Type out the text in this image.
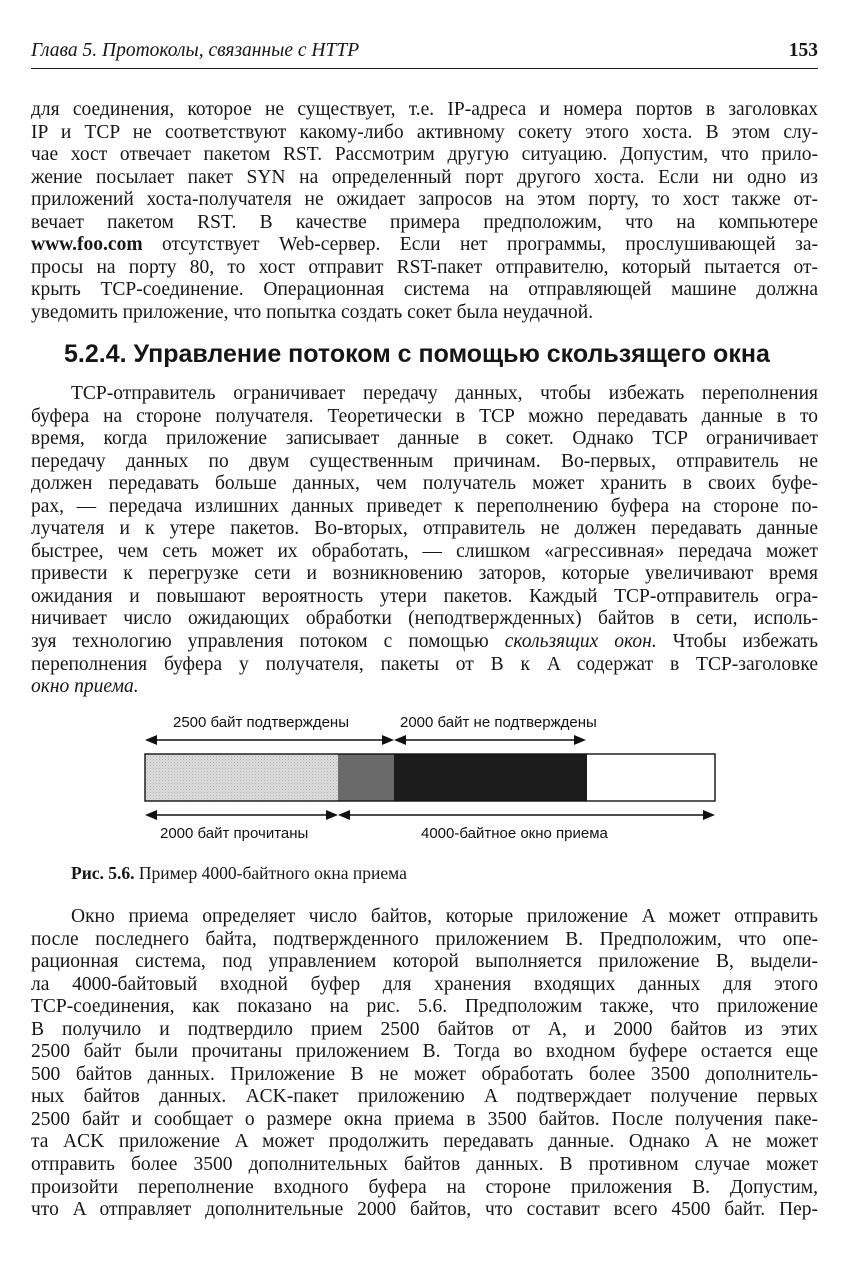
Глава 5. Протоколы, связанные с HTTP	153
для соединения, которое не существует, т.е. IP-адреса и номера портов в заголовках
IP и TCP не соответствуют какому-либо активному сокету этого хоста. В этом слу-
чае хост отвечает пакетом RST. Рассмотрим другую ситуацию. Допустим, что прило-
жение посылает пакет SYN на определенный порт другого хоста. Если ни одно из
приложений хоста-получателя не ожидает запросов на этом порту, то хост также от-
вечает пакетом RST. В качестве примера предположим, что на компьютере
www.foo.com отсутствует Web-сервер. Если нет программы, прослушивающей за-
просы на порту 80, то хост отправит RST-пакет отправителю, который пытается от-
крыть TCP-соединение. Операционная система на отправляющей машине должна
уведомить приложение, что попытка создать сокет была неудачной.
5.2.4. Управление потоком с помощью скользящего окна
TCP-отправитель ограничивает передачу данных, чтобы избежать переполнения
буфера на стороне получателя. Теоретически в TCP можно передавать данные в то
время, когда приложение записывает данные в сокет. Однако TCP ограничивает
передачу данных по двум существенным причинам. Во-первых, отправитель не
должен передавать больше данных, чем получатель может хранить в своих буфе-
рах, — передача излишних данных приведет к переполнению буфера на стороне по-
лучателя и к утере пакетов. Во-вторых, отправитель не должен передавать данные
быстрее, чем сеть может их обработать, — слишком «агрессивная» передача может
привести к перегрузке сети и возникновению заторов, которые увеличивают время
ожидания и повышают вероятность утери пакетов. Каждый TCP-отправитель огра-
ничивает число ожидающих обработки (неподтвержденных) байтов в сети, исполь-
зуя технологию управления потоком с помощью скользящих окон. Чтобы избежать
переполнения буфера у получателя, пакеты от B к A содержат в TCP-заголовке
окно приема.
2500 байт подтверждены	2000 байт не подтверждены
2000 байт прочитаны	4000-байтное окно приема
Рис. 5.6. Пример 4000-байтного окна приема
Окно приема определяет число байтов, которые приложение A может отправить
после последнего байта, подтвержденного приложением B. Предположим, что опе-
рационная система, под управлением которой выполняется приложение B, выдели-
ла 4000-байтовый входной буфер для хранения входящих данных для этого
TCP-соединения, как показано на рис. 5.6. Предположим также, что приложение
B получило и подтвердило прием 2500 байтов от A, и 2000 байтов из этих
2500 байт были прочитаны приложением B. Тогда во входном буфере остается еще
500 байтов данных. Приложение B не может обработать более 3500 дополнитель-
ных байтов данных. ACK-пакет приложению A подтверждает получение первых
2500 байт и сообщает о размере окна приема в 3500 байтов. После получения паке-
та ACK приложение A может продолжить передавать данные. Однако A не может
отправить более 3500 дополнительных байтов данных. В противном случае может
произойти переполнение входного буфера на стороне приложения B. Допустим,
что A отправляет дополнительные 2000 байтов, что составит всего 4500 байт. Пер-
